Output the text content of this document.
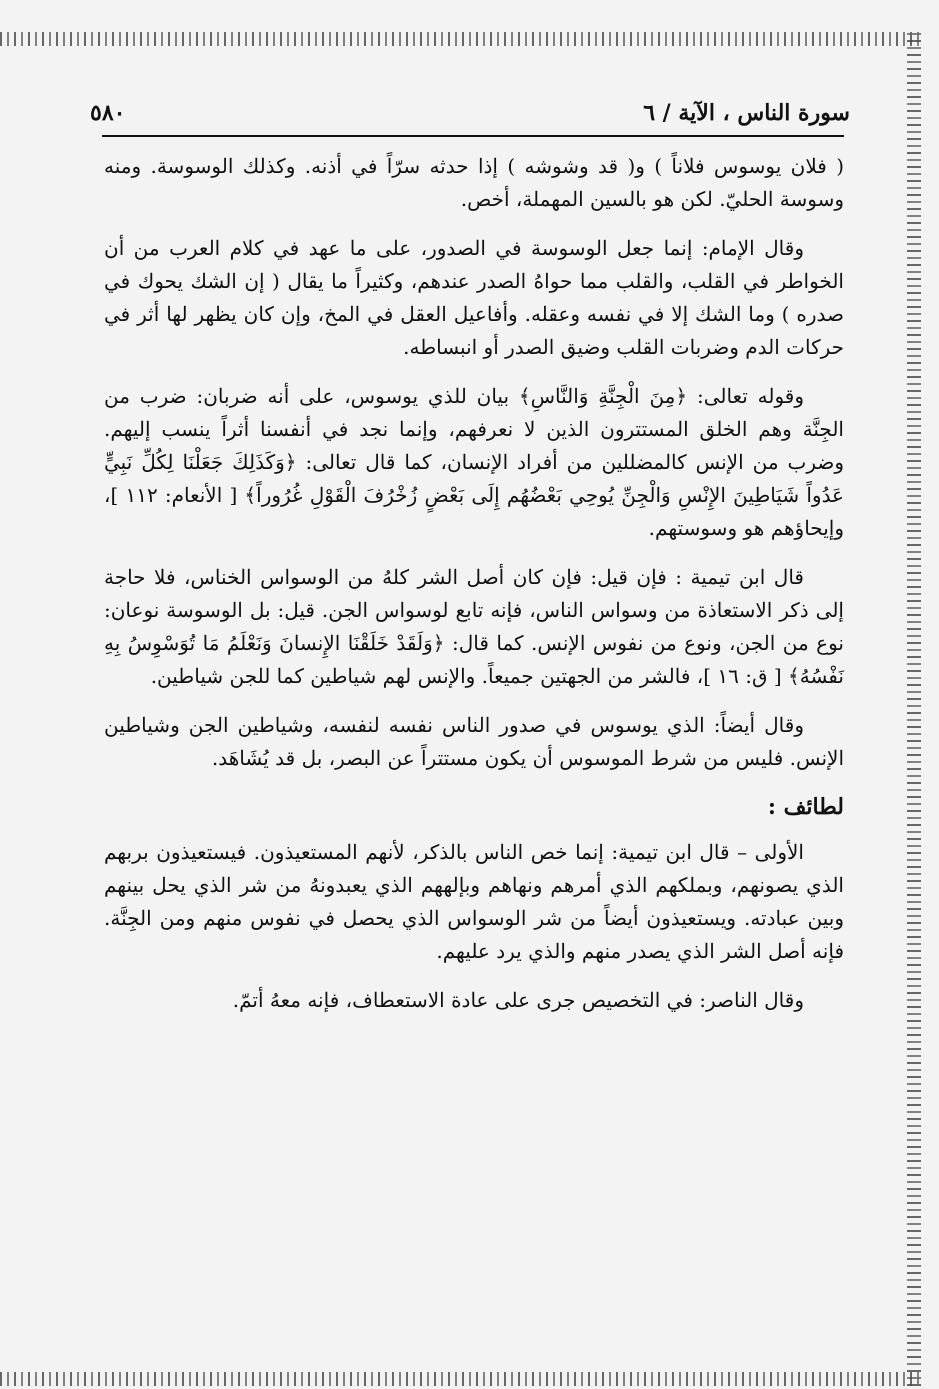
سورة الناس ، الآية / ٦
٥٨٠

( فلان يوسوس فلاناً ) و( قد وشوشه ) إذا حدثه سرّاً في أذنه. وكذلك الوسوسة. ومنه وسوسة الحليّ. لكن هو بالسين المهملة، أخص.

وقال الإمام: إنما جعل الوسوسة في الصدور، على ما عهد في كلام العرب من أن الخواطر في القلب، والقلب مما حواهُ الصدر عندهم، وكثيراً ما يقال ( إن الشك يحوك في صدره ) وما الشك إلا في نفسه وعقله. وأفاعيل العقل في المخ، وإن كان يظهر لها أثر في حركات الدم وضربات القلب وضيق الصدر أو انبساطه.

وقوله تعالى: ﴿مِنَ الْجِنَّةِ وَالنَّاسِ﴾ بيان للذي يوسوس، على أنه ضربان: ضرب من الجِنَّة وهم الخلق المستترون الذين لا نعرفهم، وإنما نجد في أنفسنا أثراً ينسب إليهم. وضرب من الإنس كالمضللين من أفراد الإنسان، كما قال تعالى: ﴿وَكَذَلِكَ جَعَلْنَا لِكُلِّ نَبِيٍّ عَدُواً شَيَاطِينَ الإِنْسِ وَالْجِنِّ يُوحِي بَعْضُهُم إِلَى بَعْضٍ زُخْرُفَ الْقَوْلِ غُرُوراً﴾ [ الأنعام: ١١٢ ]، وإيحاؤهم هو وسوستهم.

قال ابن تيمية : فإن قيل: فإن كان أصل الشر كلهُ من الوسواس الخناس، فلا حاجة إلى ذكر الاستعاذة من وسواس الناس، فإنه تابع لوسواس الجن. قيل: بل الوسوسة نوعان: نوع من الجن، ونوع من نفوس الإنس. كما قال: ﴿وَلَقَدْ خَلَقْنَا الإِنسانَ وَنَعْلَمُ مَا تُوَسْوِسُ بِهِ نَفْسُهُ﴾ [ ق: ١٦ ]، فالشر من الجهتين جميعاً. والإنس لهم شياطين كما للجن شياطين.

وقال أيضاً: الذي يوسوس في صدور الناس نفسه لنفسه، وشياطين الجن وشياطين الإنس. فليس من شرط الموسوس أن يكون مستتراً عن البصر، بل قد يُشَاهَد.

لطائف :

الأولى – قال ابن تيمية: إنما خص الناس بالذكر، لأنهم المستعيذون. فيستعيذون بربهم الذي يصونهم، وبملكهم الذي أمرهم ونهاهم وبإلههم الذي يعبدونهُ من شر الذي يحل بينهم وبين عبادته. ويستعيذون أيضاً من شر الوسواس الذي يحصل في نفوس منهم ومن الجِنَّة. فإنه أصل الشر الذي يصدر منهم والذي يرد عليهم.

وقال الناصر: في التخصيص جرى على عادة الاستعطاف، فإنه معهُ أتمّ.
